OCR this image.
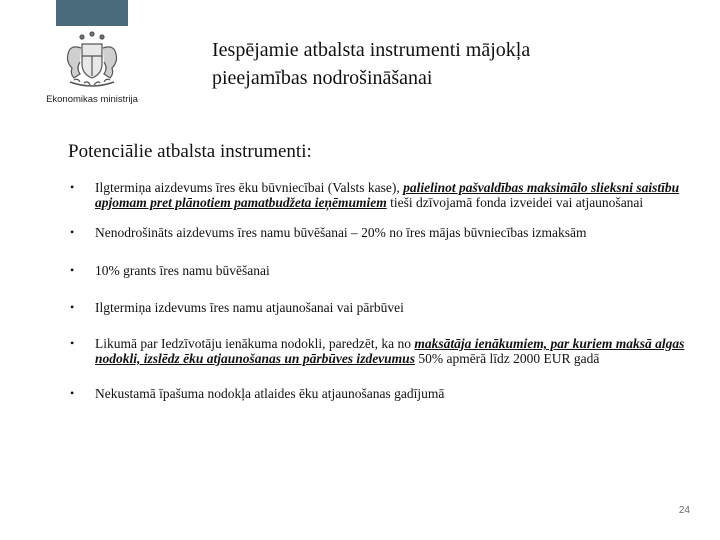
Ekonomikas ministrija
Iespējamie atbalsta instrumenti mājokļa
pieejamības nodrošināšanai
Potenciālie atbalsta instrumenti:
• Ilgtermiņa aizdevums īres ēku būvniecībai (Valsts kase), palielinot pašvaldības maksimālo slieksni saistību apjomam pret plānotiem pamatbudžeta ieņēmumiem tieši dzīvojamā fonda izveidei vai atjaunošanai
• Nenodrošināts aizdevums īres namu būvēšanai – 20% no īres mājas būvniecības izmaksām
• 10% grants īres namu būvēšanai
• Ilgtermiņa izdevums īres namu atjaunošanai vai pārbūvei
• Likumā par Iedzīvotāju ienākuma nodokli, paredzēt, ka no maksātāja ienākumiem, par kuriem maksā algas nodokli, izslēdz ēku atjaunošanas un pārbūves izdevumus 50% apmērā līdz 2000 EUR gadā
• Nekustamā īpašuma nodokļa atlaides ēku atjaunošanas gadījumā
24
